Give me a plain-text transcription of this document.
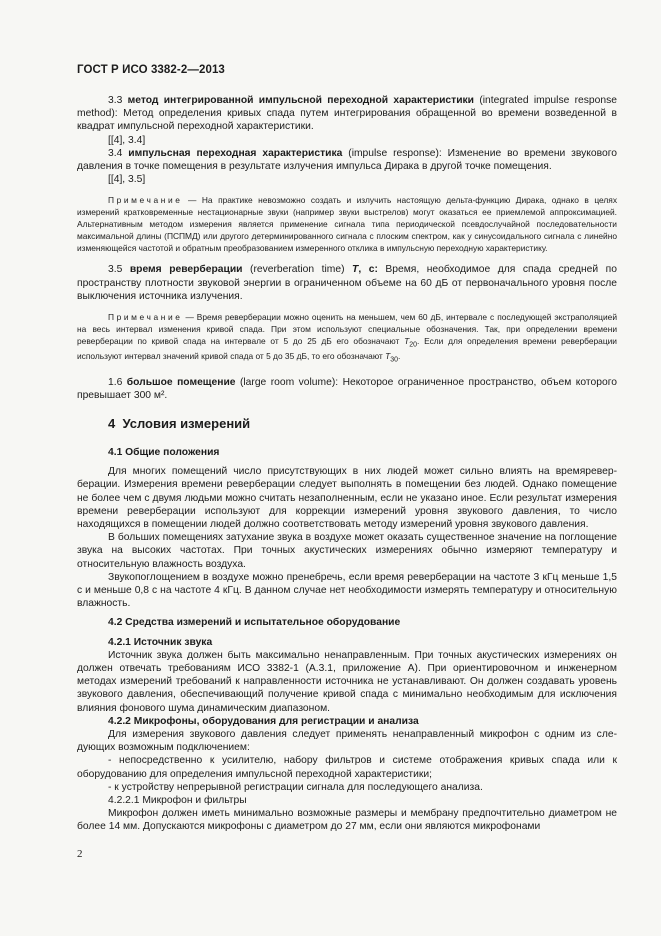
ГОСТ Р ИСО 3382-2—2013

3.3 метод интегрированной импульсной переходной характеристики (integrated impulse response method): Метод определения кривых спада путем интегрирования обращенной во времени возведенной в квадрат импульсной переходной характеристики.

[[4], 3.4]

3.4 импульсная переходная характеристика (impulse response): Изменение во времени звукового давления в точке помещения в результате излучения импульса Дирака в другой точке помещения.

[[4], 3.5]

Примечание — На практике невозможно создать и излучить настоящую дельта-функцию Дирака, однако в целях измерений кратковременные нестационарные звуки (например звуки выстрелов) могут оказаться ее приемлемой аппроксимацией. Альтернативным методом измерения является применение сигнала типа периодической псевдослучайной последовательности максимальной длины (ПСПМД) или другого детерминированного сигнала с плоским спектром, как у синусоидального сигнала с линейно изменяющейся частотой и обратным преобразованием измеренного отклика в импульсную переходную характеристику.

3.5 время реверберации (reverberation time) T, с: Время, необходимое для спада средней по пространству плотности звуковой энергии в ограниченном объеме на 60 дБ от первоначального уровня после выключения источника излучения.

Примечание — Время реверберации можно оценить на меньшем, чем 60 дБ, интервале с последующей экстраполяцией на весь интервал изменения кривой спада. При этом используют специальные обозначения. Так, при определении времени реверберации по кривой спада на интервале от 5 до 25 дБ его обозначают $T_{20}$. Если для определения времени реверберации используют интервал значений кривой спада от 5 до 35 дБ, то его обозначают $T_{30}$.

1.6 большое помещение (large room volume): Некоторое ограниченное пространство, объем которого превышает 300 м².

4 Условия измерений

4.1 Общие положения

Для многих помещений число присутствующих в них людей может сильно влиять на времяреверберации. Измерения времени реверберации следует выполнять в помещении без людей. Однако помещение не более чем с двумя людьми можно считать незаполненным, если не указано иное. Если результат измерения времени реверберации используют для коррекции измерений уровня звукового давления, то число находящихся в помещении людей должно соответствовать методу измерений уровня звукового давления.

В больших помещениях затухание звука в воздухе может оказать существенное значение на поглощение звука на высоких частотах. При точных акустических измерениях обычно измеряют температуру и относительную влажность воздуха.

Звукопоглощением в воздухе можно пренебречь, если время реверберации на частоте 3 кГц меньше 1,5 с и меньше 0,8 с на частоте 4 кГц. В данном случае нет необходимости измерять температуру и относительную влажность.

4.2 Средства измерений и испытательное оборудование

4.2.1 Источник звука

Источник звука должен быть максимально ненаправленным. При точных акустических измерениях он должен отвечать требованиям ИСО 3382-1 (А.3.1, приложение А). При ориентировочном и инженерном методах измерений требований к направленности источника не устанавливают. Он должен создавать уровень звукового давления, обеспечивающий получение кривой спада с минимально необходимым для исключения влияния фонового шума динамическим диапазоном.

4.2.2 Микрофоны, оборудования для регистрации и анализа

Для измерения звукового давления следует применять ненаправленный микрофон с одним из следующих возможным подключением:

- непосредственно к усилителю, набору фильтров и системе отображения кривых спада или к оборудованию для определения импульсной переходной характеристики;

- к устройству непрерывной регистрации сигнала для последующего анализа.

4.2.2.1 Микрофон и фильтры

Микрофон должен иметь минимально возможные размеры и мембрану предпочтительно диаметром не более 14 мм. Допускаются микрофоны с диаметром до 27 мм, если они являются микрофонами

2
